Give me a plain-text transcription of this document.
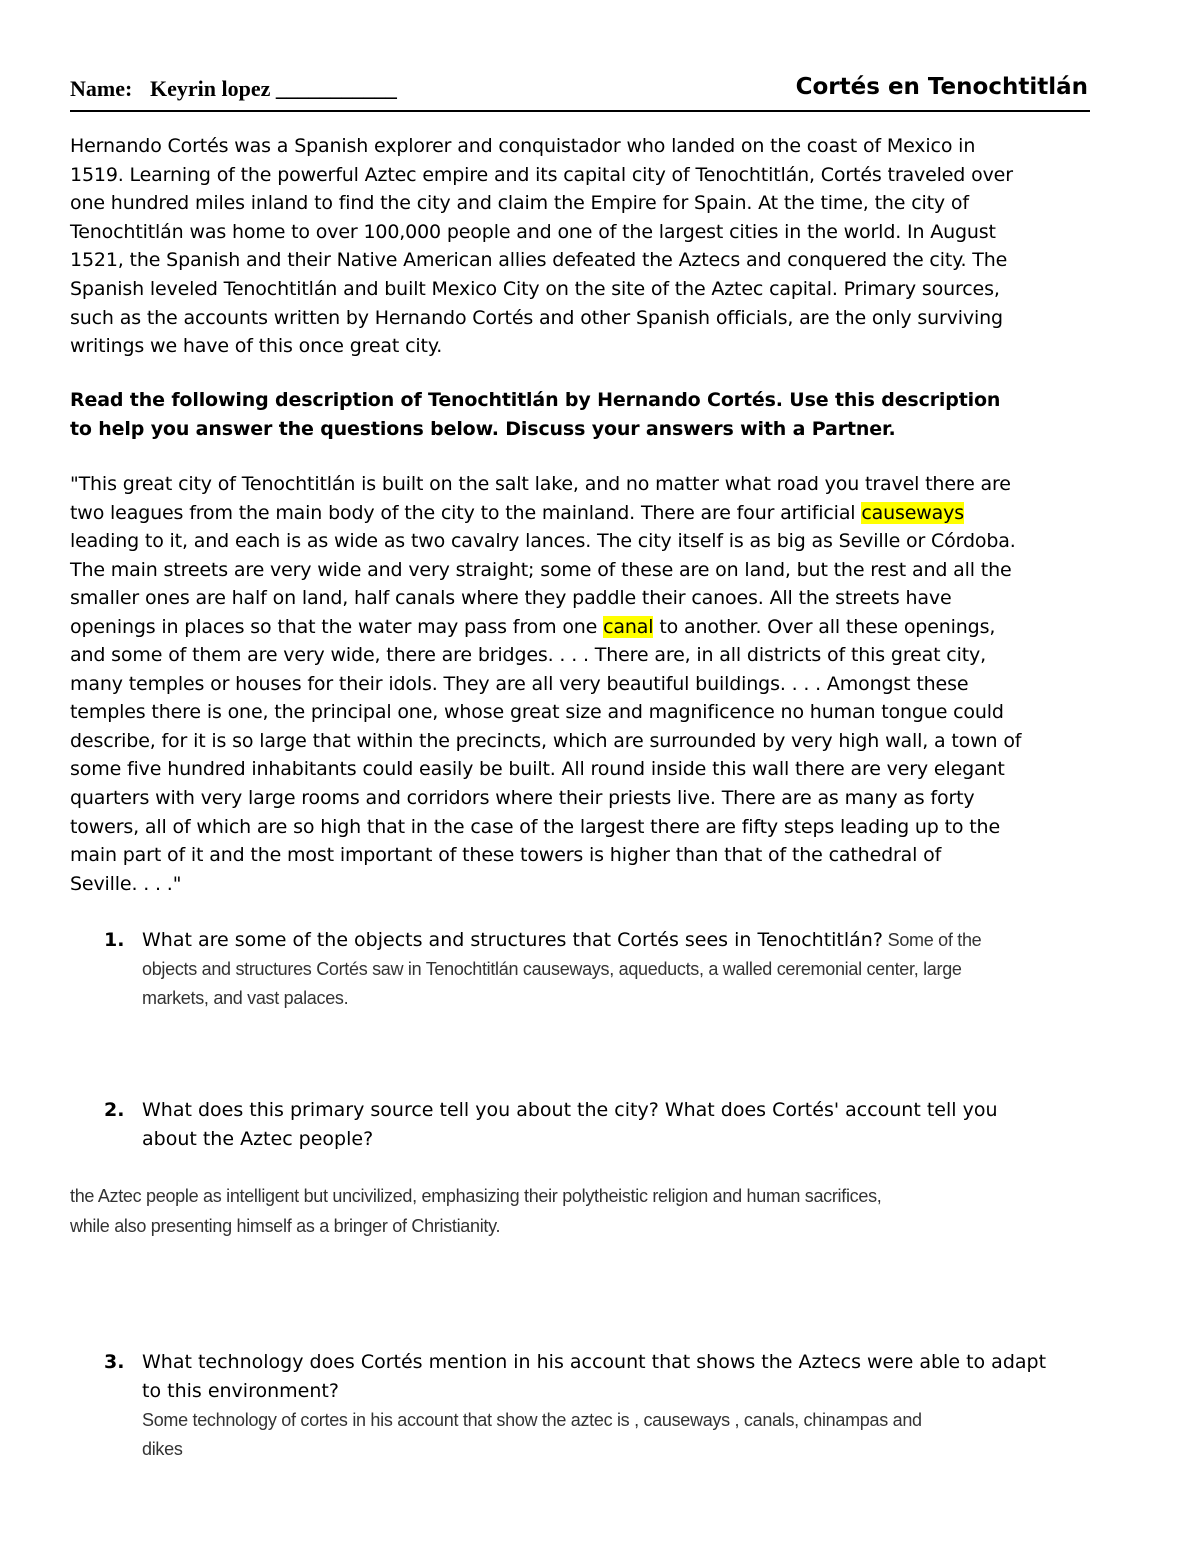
Name: Keyrin lopez ___________	Cortés en Tenochtitlán
Hernando Cortés was a Spanish explorer and conquistador who landed on the coast of Mexico in
1519. Learning of the powerful Aztec empire and its capital city of Tenochtitlán, Cortés traveled over
one hundred miles inland to find the city and claim the Empire for Spain. At the time, the city of
Tenochtitlán was home to over 100,000 people and one of the largest cities in the world. In August
1521, the Spanish and their Native American allies defeated the Aztecs and conquered the city. The
Spanish leveled Tenochtitlán and built Mexico City on the site of the Aztec capital. Primary sources,
such as the accounts written by Hernando Cortés and other Spanish officials, are the only surviving
writings we have of this once great city.
Read the following description of Tenochtitlán by Hernando Cortés. Use this description
to help you answer the questions below. Discuss your answers with a Partner.
"This great city of Tenochtitlán is built on the salt lake, and no matter what road you travel there are
two leagues from the main body of the city to the mainland. There are four artificial causeways
leading to it, and each is as wide as two cavalry lances. The city itself is as big as Seville or Córdoba.
The main streets are very wide and very straight; some of these are on land, but the rest and all the
smaller ones are half on land, half canals where they paddle their canoes. All the streets have
openings in places so that the water may pass from one canal to another. Over all these openings,
and some of them are very wide, there are bridges. . . . There are, in all districts of this great city,
many temples or houses for their idols. They are all very beautiful buildings. . . . Amongst these
temples there is one, the principal one, whose great size and magnificence no human tongue could
describe, for it is so large that within the precincts, which are surrounded by very high wall, a town of
some five hundred inhabitants could easily be built. All round inside this wall there are very elegant
quarters with very large rooms and corridors where their priests live. There are as many as forty
towers, all of which are so high that in the case of the largest there are fifty steps leading up to the
main part of it and the most important of these towers is higher than that of the cathedral of
Seville. . . ."
1. What are some of the objects and structures that Cortés sees in Tenochtitlán? Some of the
objects and structures Cortés saw in Tenochtitlán causeways, aqueducts, a walled ceremonial center, large
markets, and vast palaces.
2. What does this primary source tell you about the city? What does Cortés' account tell you
about the Aztec people?
the Aztec people as intelligent but uncivilized, emphasizing their polytheistic religion and human sacrifices,
while also presenting himself as a bringer of Christianity.
3. What technology does Cortés mention in his account that shows the Aztecs were able to adapt
to this environment?
Some technology of cortes in his account that show the aztec is , causeways , canals, chinampas and
dikes
